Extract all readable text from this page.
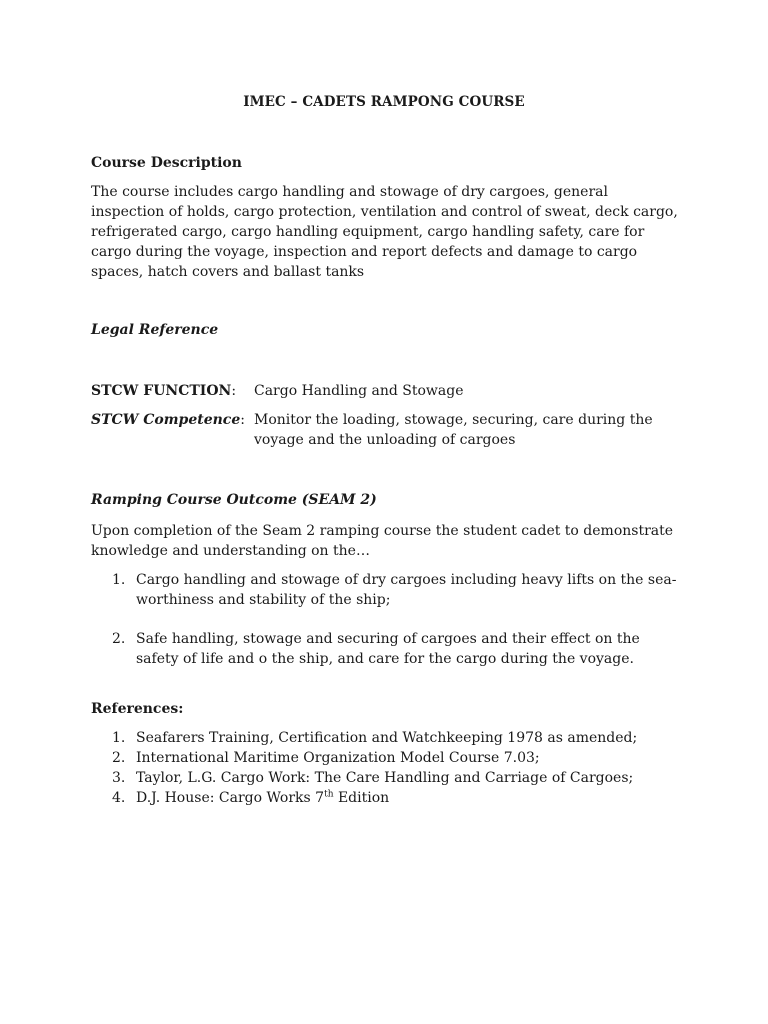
IMEC – CADETS RAMPONG COURSE
Course Description
The course includes cargo handling and stowage of dry cargoes, general inspection of holds, cargo protection, ventilation and control of sweat, deck cargo, refrigerated cargo, cargo handling equipment, cargo handling safety, care for cargo during the voyage, inspection and report defects and damage to cargo spaces, hatch covers and ballast tanks
Legal Reference
STCW FUNCTION:	Cargo Handling and Stowage
STCW Competence: Monitor the loading, stowage, securing, care during the voyage and the unloading of cargoes
Ramping Course Outcome (SEAM 2)
Upon completion of the Seam 2 ramping course the student cadet to demonstrate knowledge and understanding on the…
1. Cargo handling and stowage of dry cargoes including heavy lifts on the sea-worthiness and stability of the ship;
2. Safe handling, stowage and securing of cargoes and their effect on the safety of life and o the ship, and care for the cargo during the voyage.
References:
1. Seafarers Training, Certification and Watchkeeping 1978 as amended;
2. International Maritime Organization Model Course 7.03;
3. Taylor, L.G. Cargo Work: The Care Handling and Carriage of Cargoes;
4. D.J. House: Cargo Works 7th Edition
